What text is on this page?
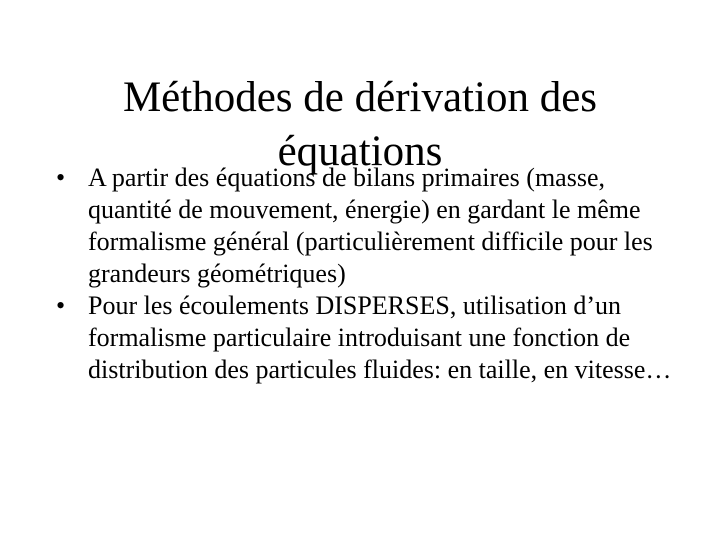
Méthodes de dérivation des
équations
• A partir des équations de bilans primaires (masse, quantité de mouvement, énergie) en gardant le même formalisme général (particulièrement difficile pour les grandeurs géométriques)
• Pour les écoulements DISPERSES, utilisation d’un formalisme particulaire introduisant une fonction de distribution des particules fluides: en taille, en vitesse…
